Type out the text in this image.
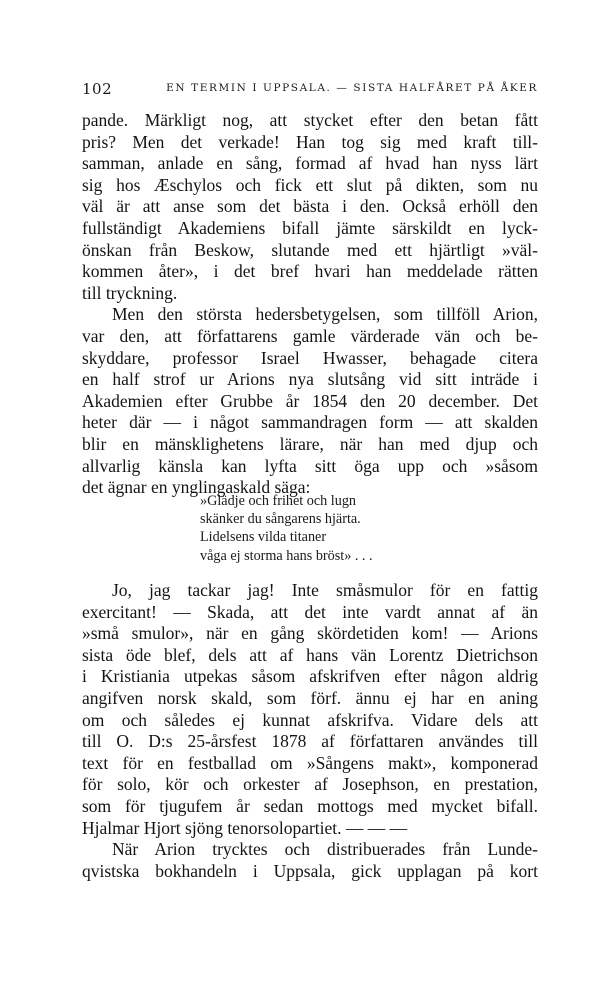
102	EN TERMIN I UPPSALA. — SISTA HALFÅRET PÅ ÅKER
pande. Märkligt nog, att stycket efter den betan fått
pris? Men det verkade! Han tog sig med kraft till-
samman, anlade en sång, formad af hvad han nyss lärt
sig hos Æschylos och fick ett slut på dikten, som nu
väl är att anse som det bästa i den. Också erhöll den
fullständigt Akademiens bifall jämte särskildt en lyck-
önskan från Beskow, slutande med ett hjärtligt »väl-
kommen åter», i det bref hvari han meddelade rätten
till tryckning.
Men den största hedersbetygelsen, som tillföll Arion,
var den, att författarens gamle värderade vän och be-
skyddare, professor Israel Hwasser, behagade citera
en half strof ur Arions nya slutsång vid sitt inträde i
Akademien efter Grubbe år 1854 den 20 december. Det
heter där — i något sammandragen form — att skalden
blir en mänsklighetens lärare, när han med djup och
allvarlig känsla kan lyfta sitt öga upp och »såsom
det ägnar en ynglingaskald säga:
»Glädje och frihet och lugn
skänker du sångarens hjärta.
Lidelsens vilda titaner
våga ej storma hans bröst» . . .
Jo, jag tackar jag! Inte småsmulor för en fattig
exercitant! — Skada, att det inte vardt annat af än
»små smulor», när en gång skördetiden kom! — Arions
sista öde blef, dels att af hans vän Lorentz Dietrichson
i Kristiania utpekas såsom afskrifven efter någon aldrig
angifven norsk skald, som förf. ännu ej har en aning
om och således ej kunnat afskrifva. Vidare dels att
till O. D:s 25-årsfest 1878 af författaren användes till
text för en festballad om »Sångens makt», komponerad
för solo, kör och orkester af Josephson, en prestation,
som för tjugufem år sedan mottogs med mycket bifall.
Hjalmar Hjort sjöng tenorsolopartiet. — — —
När Arion trycktes och distribuerades från Lunde-
qvistska bokhandeln i Uppsala, gick upplagan på kort
